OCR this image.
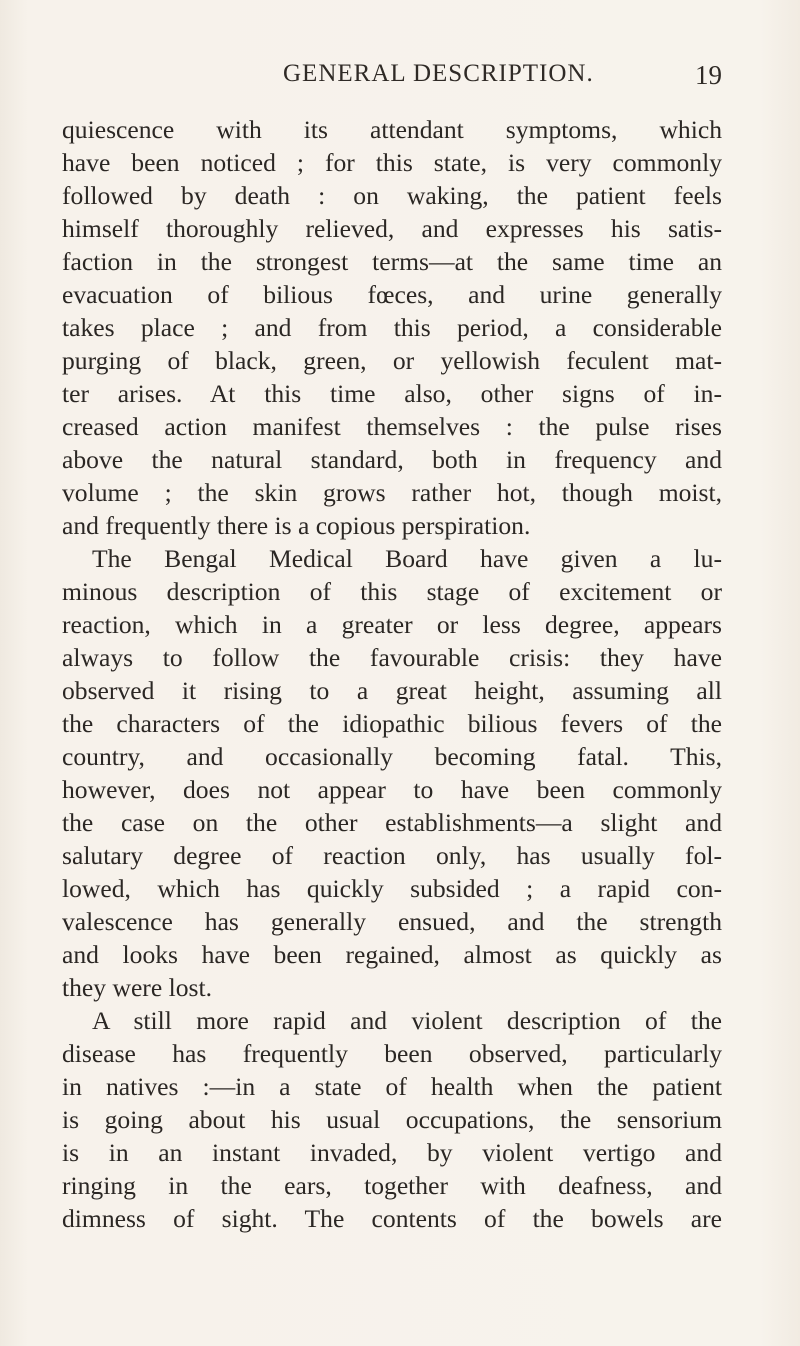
GENERAL DESCRIPTION.	19
quiescence with its attendant symptoms, which
have been noticed ; for this state, is very commonly
followed by death : on waking, the patient feels
himself thoroughly relieved, and expresses his satis-
faction in the strongest terms—at the same time an
evacuation of bilious fœces, and urine generally
takes place ; and from this period, a considerable
purging of black, green, or yellowish feculent mat-
ter arises. At this time also, other signs of in-
creased action manifest themselves : the pulse rises
above the natural standard, both in frequency and
volume ; the skin grows rather hot, though moist,
and frequently there is a copious perspiration.
The Bengal Medical Board have given a lu-
minous description of this stage of excitement or
reaction, which in a greater or less degree, appears
always to follow the favourable crisis: they have
observed it rising to a great height, assuming all
the characters of the idiopathic bilious fevers of the
country, and occasionally becoming fatal. This,
however, does not appear to have been commonly
the case on the other establishments—a slight and
salutary degree of reaction only, has usually fol-
lowed, which has quickly subsided ; a rapid con-
valescence has generally ensued, and the strength
and looks have been regained, almost as quickly as
they were lost.
A still more rapid and violent description of the
disease has frequently been observed, particularly
in natives :—in a state of health when the patient
is going about his usual occupations, the sensorium
is in an instant invaded, by violent vertigo and
ringing in the ears, together with deafness, and
dimness of sight. The contents of the bowels are
